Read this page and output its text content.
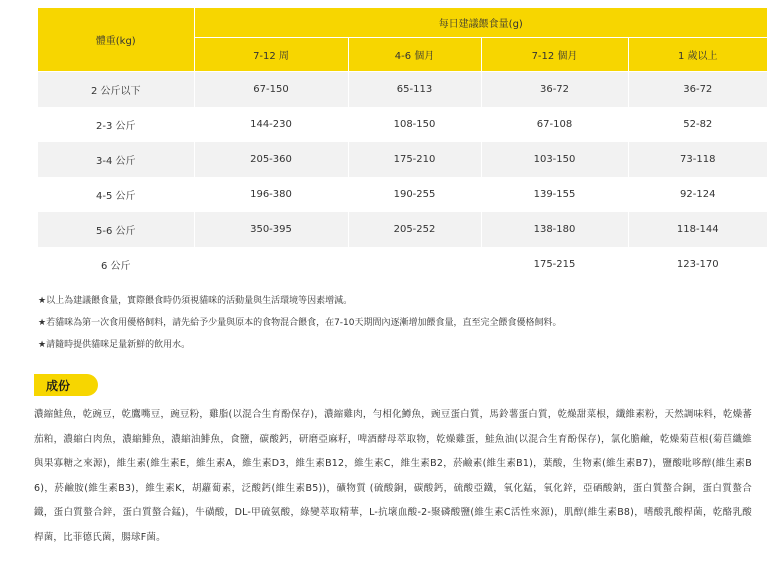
體重(kg)	每日建議餵食量(g)			
	7-12 周	4-6 個月	7-12 個月	1 歲以上
2 公斤以下	67-150	65-113	36-72	36-72
2-3 公斤	144-230	108-150	67-108	52-82
3-4 公斤	205-360	175-210	103-150	73-118
4-5 公斤	196-380	190-255	139-155	92-124
5-6 公斤	350-395	205-252	138-180	118-144
6 公斤			175-215	123-170
★以上為建議餵食量，實際餵食時仍須視貓咪的活動量與生活環境等因素增減。
★若貓咪為第一次食用優格飼料，請先給予少量與原本的食物混合餵食，在7-10天期間內逐漸增加餵食量，直至完全餵食優格飼料。
★請隨時提供貓咪足量新鮮的飲用水。
成份
濃縮鮭魚，乾豌豆，乾鷹嘴豆，豌豆粉，雞脂(以混合生育酚保存)，濃縮雞肉，勻相化鱒魚，豌豆蛋白質，馬鈴薯蛋白質，乾燥甜菜根，纖維素粉，天然調味料，乾燥蕃茄粕，濃縮白肉魚，濃縮鯡魚，濃縮油鯡魚，食鹽，碳酸鈣，研磨亞麻籽，啤酒酵母萃取物，乾燥雞蛋，鮭魚油(以混合生育酚保存)，氯化膽鹼，乾燥菊苣根(菊苣纖維與果寡糖之來源)，維生素(維生素E，維生素A，維生素D3，維生素B12，維生素C，維生素B2，菸鹼素(維生素B1)，葉酸，生物素(維生素B7)，鹽酸吡哆醇(維生素B6)，菸鹼胺(維生素B3)，維生素K，胡蘿蔔素，泛酸鈣(維生素B5))，礦物質 (硫酸銅，碳酸鈣，硫酸亞鐵，氧化錳，氧化鋅，亞硒酸鈉，蛋白質螯合銅，蛋白質螯合鐵，蛋白質螯合鋅，蛋白質螯合錳)，牛磺酸，DL-甲硫氨酸，綠變萃取精華，L-抗壞血酸-2-聚磷酸鹽(維生素C活性來源)，肌醇(維生素B8)，嗜酸乳酸桿菌，乾酪乳酸桿菌，比菲德氏菌，腸球F菌。
